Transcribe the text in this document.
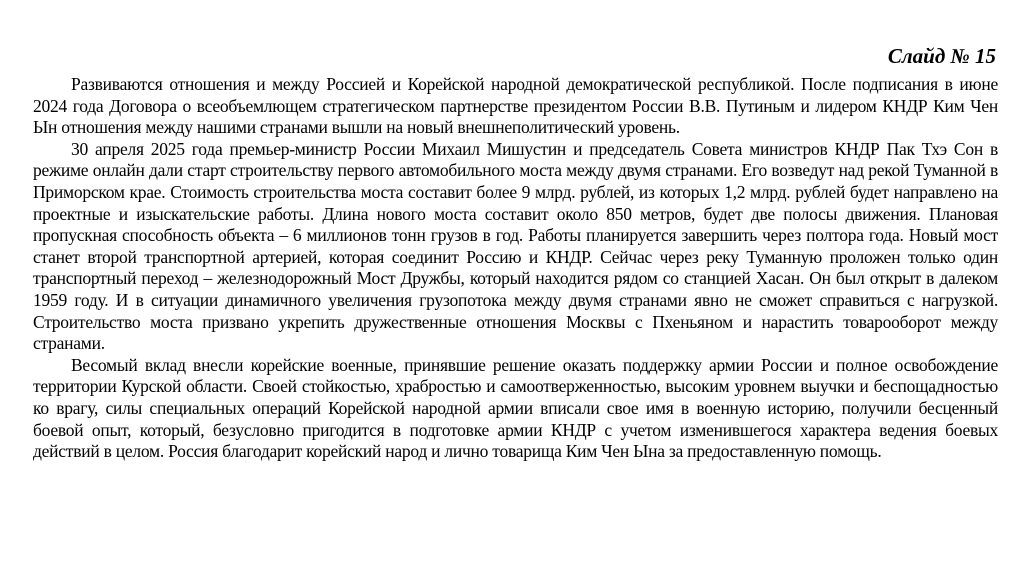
Слайд № 15

Развиваются отношения и между Россией и Корейской народной демократической республикой. После подписания в июне 2024 года Договора о всеобъемлющем стратегическом партнерстве президентом России В.В. Путиным и лидером КНДР Ким Чен Ын отношения между нашими странами вышли на новый внешнеполитический уровень.

30 апреля 2025 года премьер-министр России Михаил Мишустин и председатель Совета министров КНДР Пак Тхэ Сон в режиме онлайн дали старт строительству первого автомобильного моста между двумя странами. Его возведут над рекой Туманной в Приморском крае. Стоимость строительства моста составит более 9 млрд. рублей, из которых 1,2 млрд. рублей будет направлено на проектные и изыскательские работы. Длина нового моста составит около 850 метров, будет две полосы движения. Плановая пропускная способность объекта – 6 миллионов тонн грузов в год. Работы планируется завершить через полтора года. Новый мост станет второй транспортной артерией, которая соединит Россию и КНДР. Сейчас через реку Туманную проложен только один транспортный переход – железнодорожный Мост Дружбы, который находится рядом со станцией Хасан. Он был открыт в далеком 1959 году. И в ситуации динамичного увеличения грузопотока между двумя странами явно не сможет справиться с нагрузкой. Строительство моста призвано укрепить дружественные отношения Москвы с Пхеньяном и нарастить товарооборот между странами.

Весомый вклад внесли корейские военные, принявшие решение оказать поддержку армии России и полное освобождение территории Курской области. Своей стойкостью, храбростью и самоотверженностью, высоким уровнем выучки и беспощадностью ко врагу, силы специальных операций Корейской народной армии вписали свое имя в военную историю, получили бесценный боевой опыт, который, безусловно пригодится в подготовке армии КНДР с учетом изменившегося характера ведения боевых действий в целом. Россия благодарит корейский народ и лично товарища Ким Чен Ына за предоставленную помощь.
